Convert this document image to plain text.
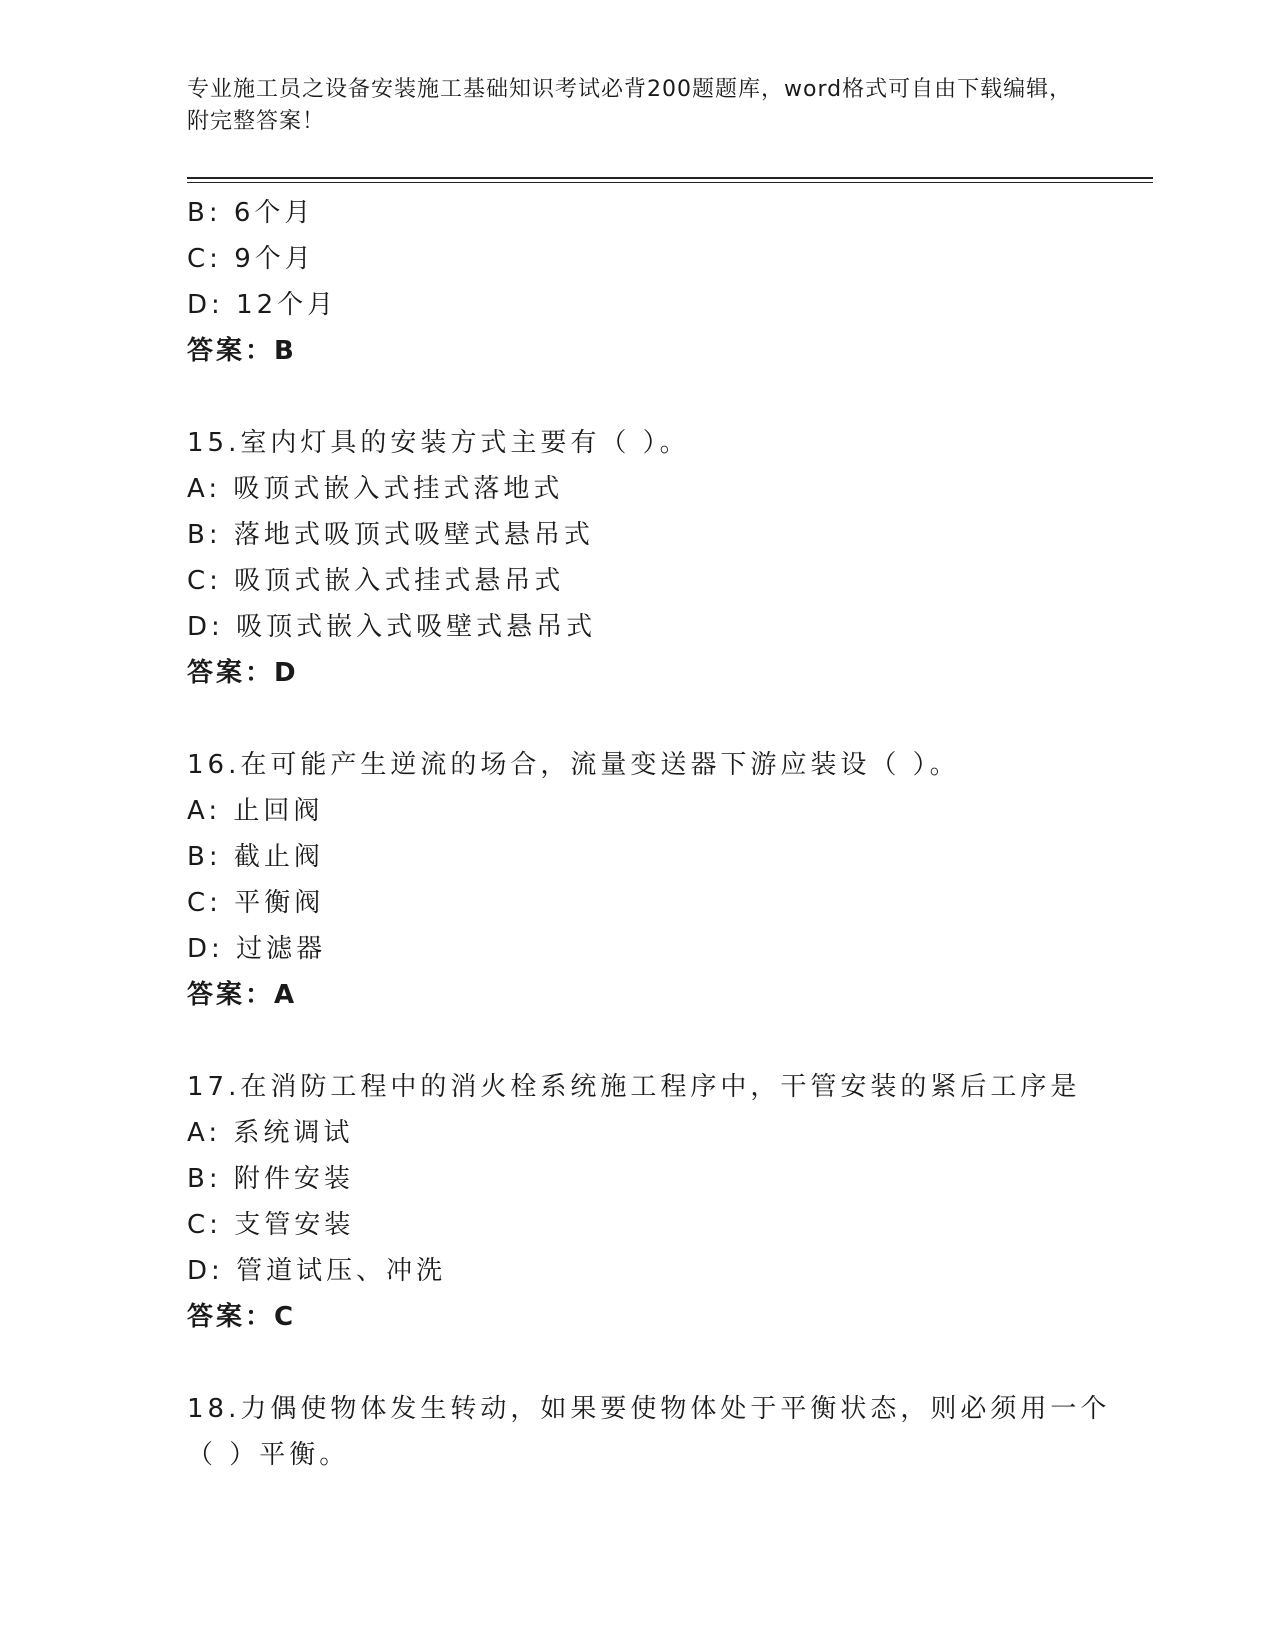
专业施工员之设备安装施工基础知识考试必背200题题库，word格式可自由下载编辑，附完整答案！
B: 6个月
C: 9个月
D: 12个月
答案：B
15.室内灯具的安装方式主要有（ ）。
A: 吸顶式嵌入式挂式落地式
B: 落地式吸顶式吸壁式悬吊式
C: 吸顶式嵌入式挂式悬吊式
D: 吸顶式嵌入式吸壁式悬吊式
答案：D
16.在可能产生逆流的场合，流量变送器下游应装设（ ）。
A: 止回阀
B: 截止阀
C: 平衡阀
D: 过滤器
答案：A
17.在消防工程中的消火栓系统施工程序中，干管安装的紧后工序是
A: 系统调试
B: 附件安装
C: 支管安装
D: 管道试压、冲洗
答案：C
18.力偶使物体发生转动，如果要使物体处于平衡状态，则必须用一个
（ ）平衡。
